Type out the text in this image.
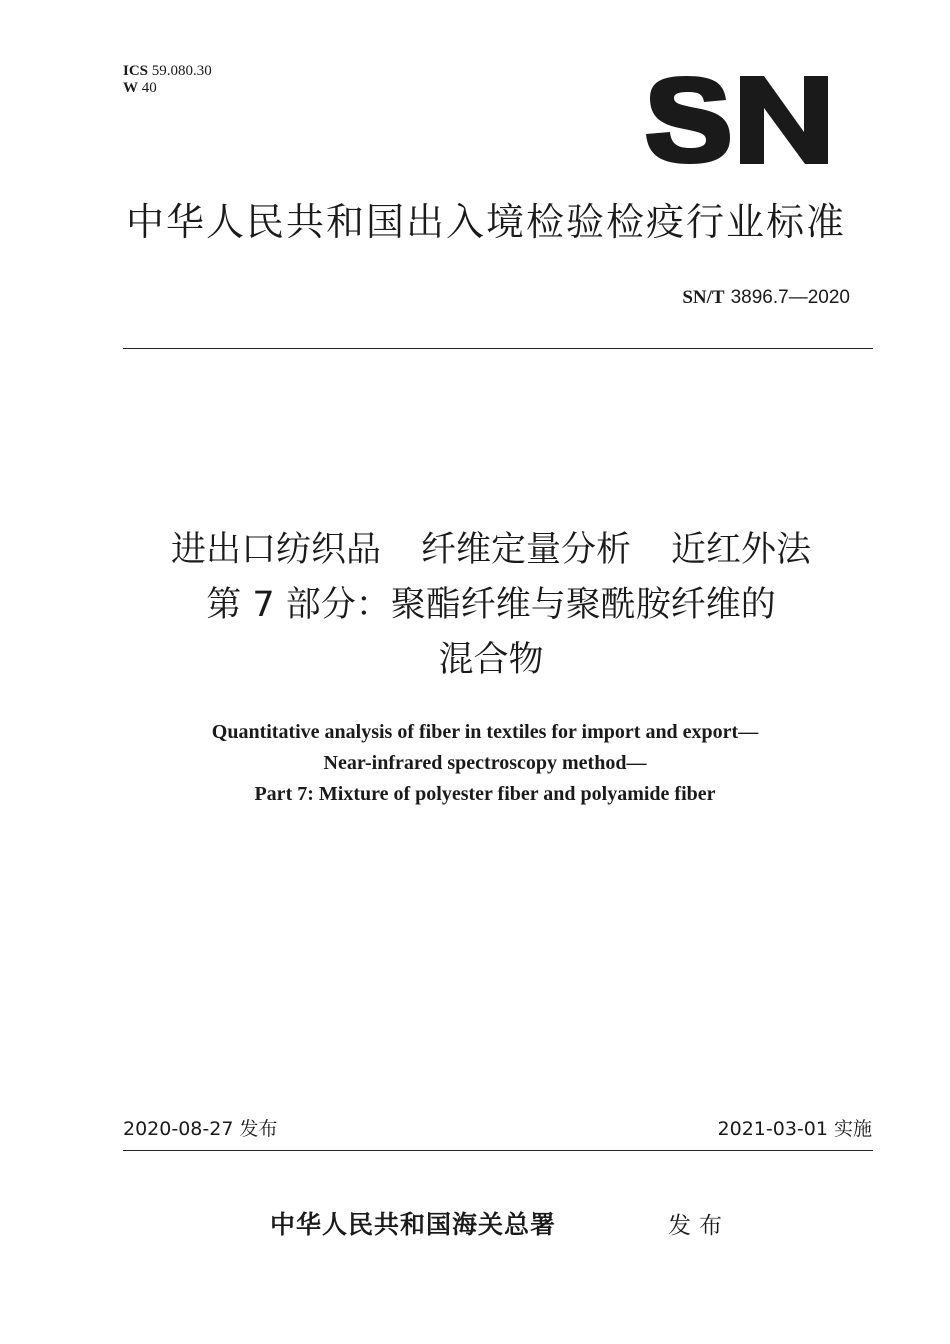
ICS 59.080.30
W 40
中华人民共和国出入境检验检疫行业标准
SN/T 3896.7—2020
进出口纺织品 纤维定量分析 近红外法
第 7 部分：聚酯纤维与聚酰胺纤维的
混合物
Quantitative analysis of fiber in textiles for import and export—
Near-infrared spectroscopy method—
Part 7: Mixture of polyester fiber and polyamide fiber
2020-08-27 发布	2021-03-01 实施
中华人民共和国海关总署	发布
